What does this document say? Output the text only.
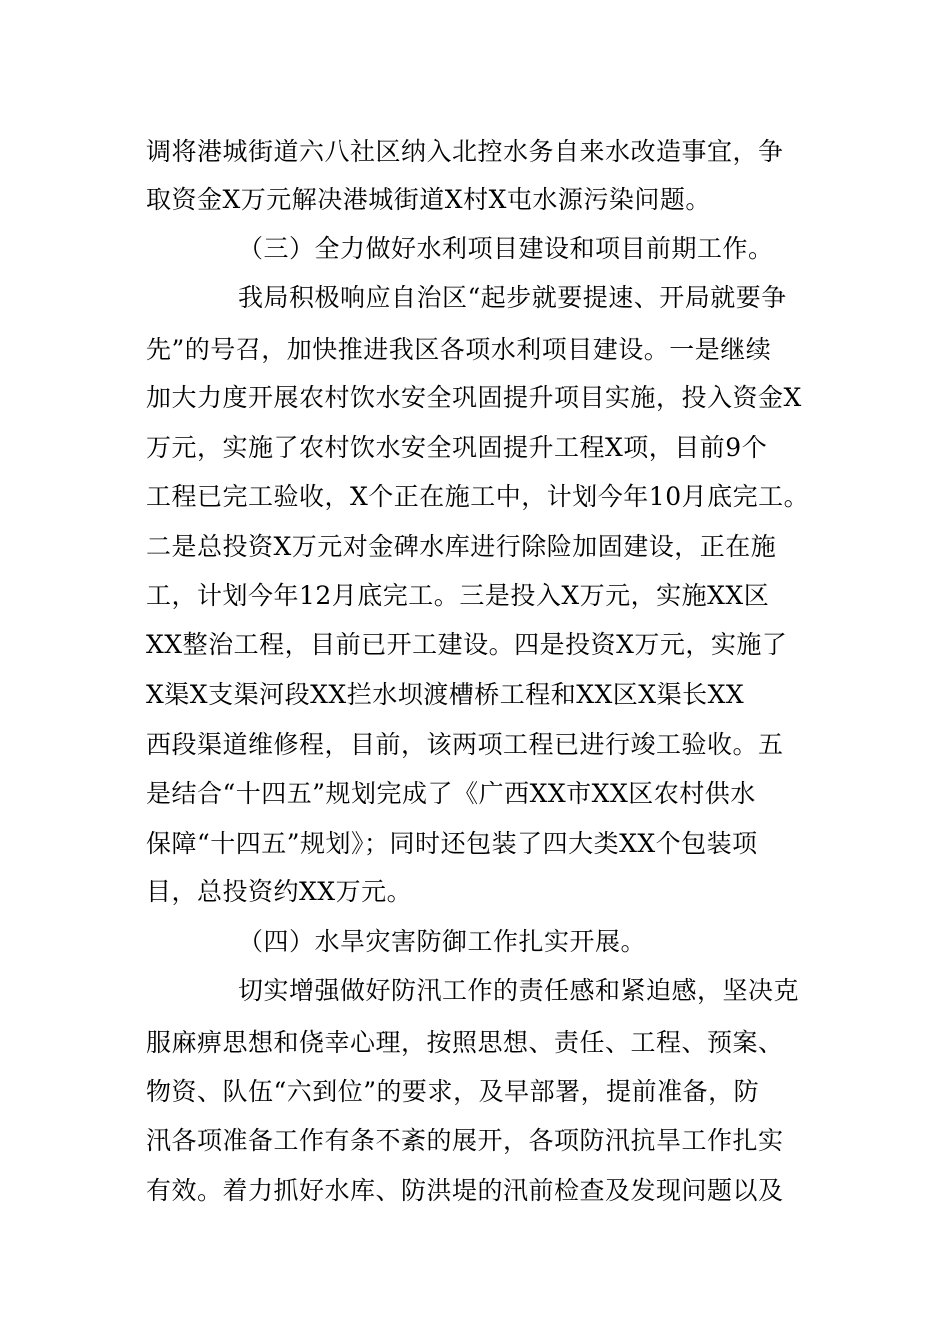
调将港城街道六八社区纳入北控水务自来水改造事宜，争
取资金X万元解决港城街道X村X屯水源污染问题。
（三）全力做好水利项目建设和项目前期工作。
我局积极响应自治区“起步就要提速、开局就要争
先”的号召，加快推进我区各项水利项目建设。一是继续
加大力度开展农村饮水安全巩固提升项目实施，投入资金X
万元，实施了农村饮水安全巩固提升工程X项，目前9个
工程已完工验收，X个正在施工中，计划今年10月底完工。
二是总投资X万元对金碑水库进行除险加固建设，正在施
工，计划今年12月底完工。三是投入X万元，实施XX区
XX整治工程，目前已开工建设。四是投资X万元，实施了
X渠X支渠河段XX拦水坝渡槽桥工程和XX区X渠长XX
西段渠道维修程，目前，该两项工程已进行竣工验收。五
是结合“十四五”规划完成了《广西XX市XX区农村供水
保障“十四五”规划》；同时还包装了四大类XX个包装项
目，总投资约XX万元。
（四）水旱灾害防御工作扎实开展。
切实增强做好防汛工作的责任感和紧迫感，坚决克
服麻痹思想和侥幸心理，按照思想、责任、工程、预案、
物资、队伍“六到位”的要求，及早部署，提前准备，防
汛各项准备工作有条不紊的展开，各项防汛抗旱工作扎实
有效。着力抓好水库、防洪堤的汛前检查及发现问题以及
